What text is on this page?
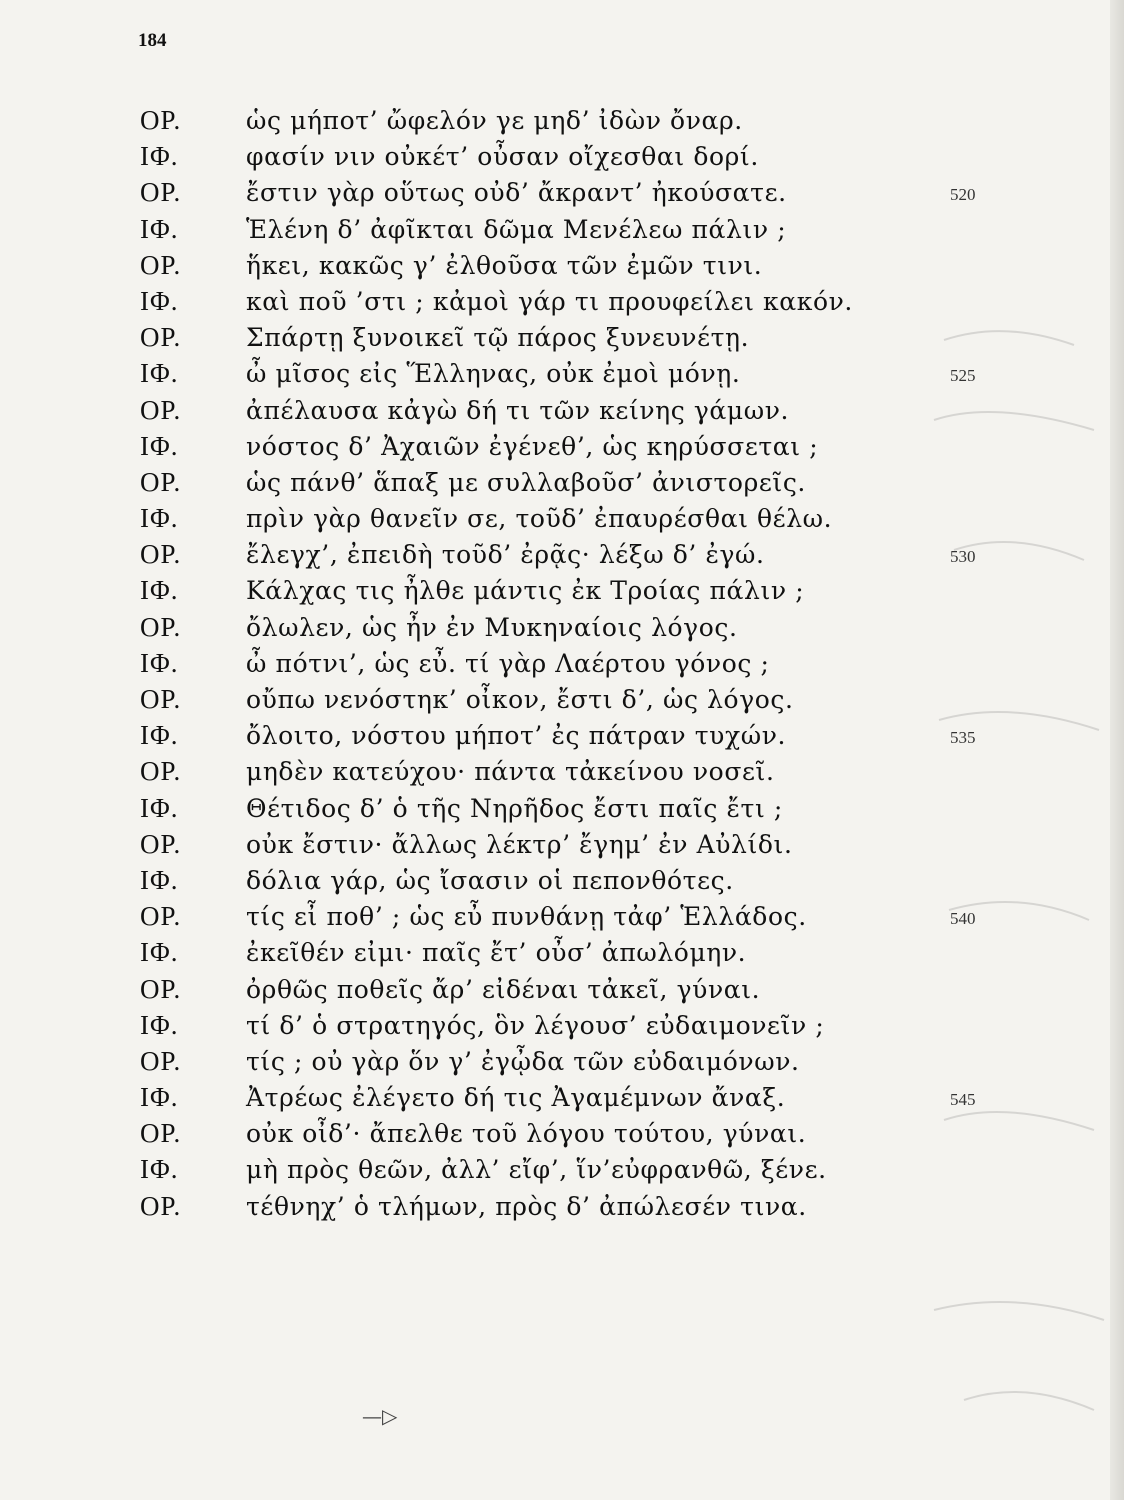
184
ΟΡ.	ὡς μήποτ’ ὤφελόν γε μηδ’ ἰδὼν ὄναρ.
ΙΦ.	φασίν νιν οὐκέτ’ οὖσαν οἴχεσθαι δορί.
ΟΡ.	ἔστιν γὰρ οὕτως οὐδ’ ἄκραντ’ ἠκούσατε.	520
ΙΦ.	Ἑλένη δ’ ἀφῖκται δῶμα Μενέλεω πάλιν ;
ΟΡ.	ἥκει, κακῶς γ’ ἐλθοῦσα τῶν ἐμῶν τινι.
ΙΦ.	καὶ ποῦ ’στι ; κἀμοὶ γάρ τι προυφείλει κακόν.
ΟΡ.	Σπάρτῃ ξυνοικεῖ τῷ πάρος ξυνευνέτῃ.
ΙΦ.	ὦ μῖσος εἰς Ἕλληνας, οὐκ ἐμοὶ μόνῃ.	525
ΟΡ.	ἀπέλαυσα κἀγὼ δή τι τῶν κείνης γάμων.
ΙΦ.	νόστος δ’ Ἀχαιῶν ἐγένεθ’, ὡς κηρύσσεται ;
ΟΡ.	ὡς πάνθ’ ἅπαξ με συλλαβοῦσ’ ἀνιστορεῖς.
ΙΦ.	πρὶν γὰρ θανεῖν σε, τοῦδ’ ἐπαυρέσθαι θέλω.
ΟΡ.	ἔλεγχ’, ἐπειδὴ τοῦδ’ ἐρᾷς· λέξω δ’ ἐγώ.	530
ΙΦ.	Κάλχας τις ἦλθε μάντις ἐκ Τροίας πάλιν ;
ΟΡ.	ὄλωλεν, ὡς ἦν ἐν Μυκηναίοις λόγος.
ΙΦ.	ὦ πότνι’, ὡς εὖ. τί γὰρ Λαέρτου γόνος ;
ΟΡ.	οὔπω νενόστηκ’ οἶκον, ἔστι δ’, ὡς λόγος.
ΙΦ.	ὄλοιτο, νόστου μήποτ’ ἐς πάτραν τυχών.	535
ΟΡ.	μηδὲν κατεύχου· πάντα τἀκείνου νοσεῖ.
ΙΦ.	Θέτιδος δ’ ὁ τῆς Νηρῆδος ἔστι παῖς ἔτι ;
ΟΡ.	οὐκ ἔστιν· ἄλλως λέκτρ’ ἔγημ’ ἐν Αὐλίδι.
ΙΦ.	δόλια γάρ, ὡς ἴσασιν οἱ πεπονθότες.
ΟΡ.	τίς εἶ ποθ’ ; ὡς εὖ πυνθάνῃ τἀφ’ Ἑλλάδος.	540
ΙΦ.	ἐκεῖθέν εἰμι· παῖς ἔτ’ οὖσ’ ἀπωλόμην.
ΟΡ.	ὀρθῶς ποθεῖς ἄρ’ εἰδέναι τἀκεῖ, γύναι.
ΙΦ.	τί δ’ ὁ στρατηγός, ὃν λέγουσ’ εὐδαιμονεῖν ;
ΟΡ.	τίς ; οὐ γὰρ ὅν γ’ ἐγᾦδα τῶν εὐδαιμόνων.
ΙΦ.	Ἀτρέως ἐλέγετο δή τις Ἀγαμέμνων ἄναξ.	545
ΟΡ.	οὐκ οἶδ’· ἄπελθε τοῦ λόγου τούτου, γύναι.
ΙΦ.	μὴ πρὸς θεῶν, ἀλλ’ εἴφ’, ἵν’εὐφρανθῶ, ξένε.
ΟΡ.	τέθνηχ’ ὁ τλήμων, πρὸς δ’ ἀπώλεσέν τινα.
—▷
